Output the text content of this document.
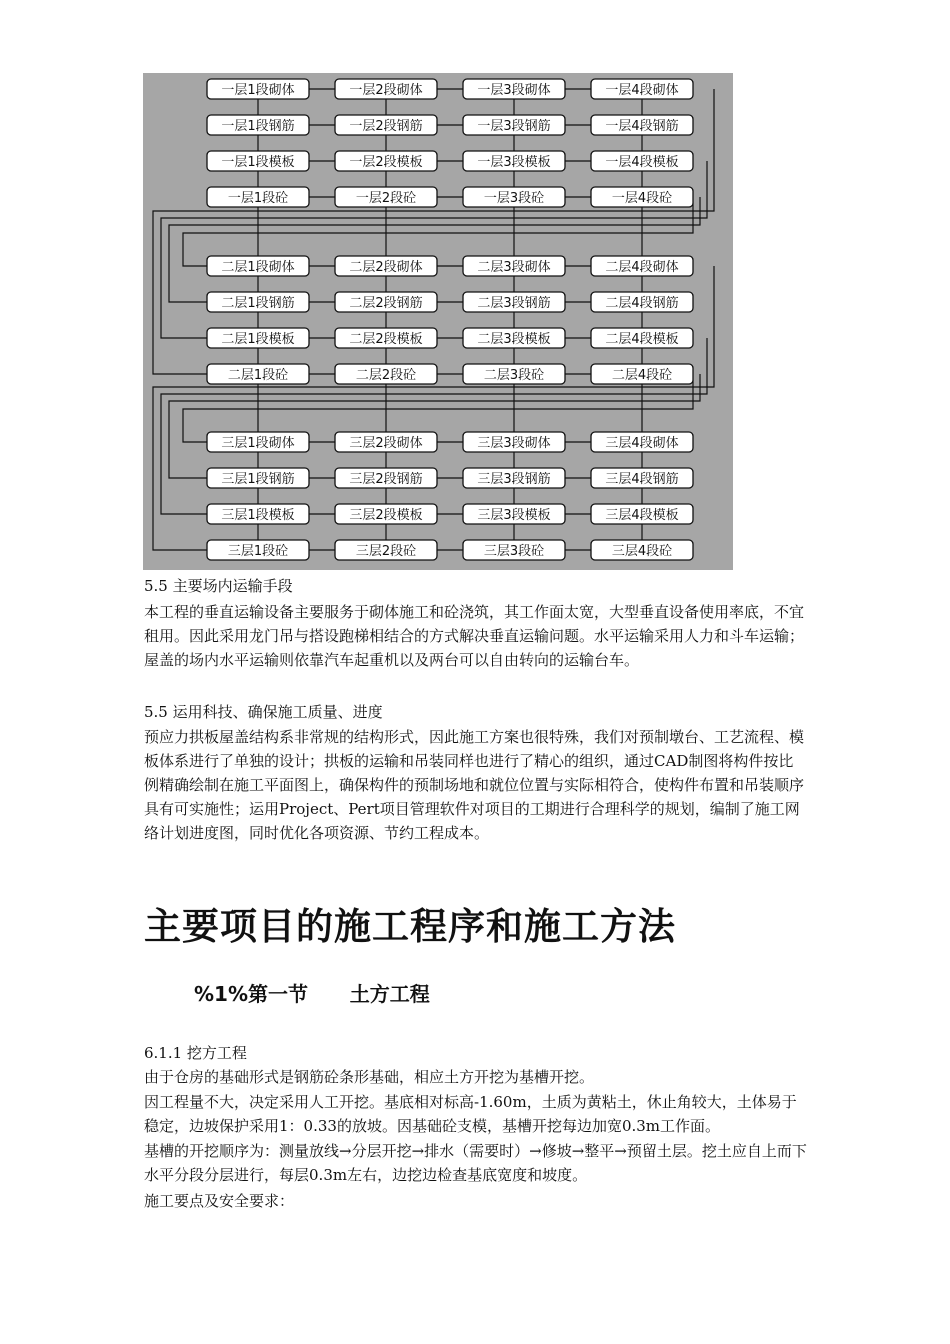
一层1段砌体	一层2段砌体	一层3段砌体	一层4段砌体
一层1段钢筋	一层2段钢筋	一层3段钢筋	一层4段钢筋
一层1段模板	一层2段模板	一层3段模板	一层4段模板
一层1段砼	一层2段砼	一层3段砼	一层4段砼
二层1段砌体	二层2段砌体	二层3段砌体	二层4段砌体
二层1段钢筋	二层2段钢筋	二层3段钢筋	二层4段钢筋
二层1段模板	二层2段模板	二层3段模板	二层4段模板
二层1段砼	二层2段砼	二层3段砼	二层4段砼
三层1段砌体	三层2段砌体	三层3段砌体	三层4段砌体
三层1段钢筋	三层2段钢筋	三层3段钢筋	三层4段钢筋
三层1段模板	三层2段模板	三层3段模板	三层4段模板
三层1段砼	三层2段砼	三层3段砼	三层4段砼

5.5 主要场内运输手段

本工程的垂直运输设备主要服务于砌体施工和砼浇筑，其工作面太宽，大型垂直设备使用率底，不宜租用。因此采用龙门吊与搭设跑梯相结合的方式解决垂直运输问题。水平运输采用人力和斗车运输；屋盖的场内水平运输则依靠汽车起重机以及两台可以自由转向的运输台车。

5.5 运用科技、确保施工质量、进度

预应力拱板屋盖结构系非常规的结构形式，因此施工方案也很特殊，我们对预制墩台、工艺流程、模板体系进行了单独的设计；拱板的运输和吊装同样也进行了精心的组织，通过CAD制图将构件按比例精确绘制在施工平面图上，确保构件的预制场地和就位位置与实际相符合，使构件布置和吊装顺序具有可实施性；运用Project、Pert项目管理软件对项目的工期进行合理科学的规划，编制了施工网络计划进度图，同时优化各项资源、节约工程成本。

主要项目的施工程序和施工方法
%1%第一节      土方工程

6.1.1 挖方工程

由于仓房的基础形式是钢筋砼条形基础，相应土方开挖为基槽开挖。

因工程量不大，决定采用人工开挖。基底相对标高-1.60m，土质为黄粘土，休止角较大，土体易于稳定，边坡保护采用1：0.33的放坡。因基础砼支模，基槽开挖每边加宽0.3m工作面。

基槽的开挖顺序为：测量放线→分层开挖→排水（需要时）→修坡→整平→预留土层。挖土应自上而下水平分段分层进行，每层0.3m左右，边挖边检查基底宽度和坡度。

施工要点及安全要求：
